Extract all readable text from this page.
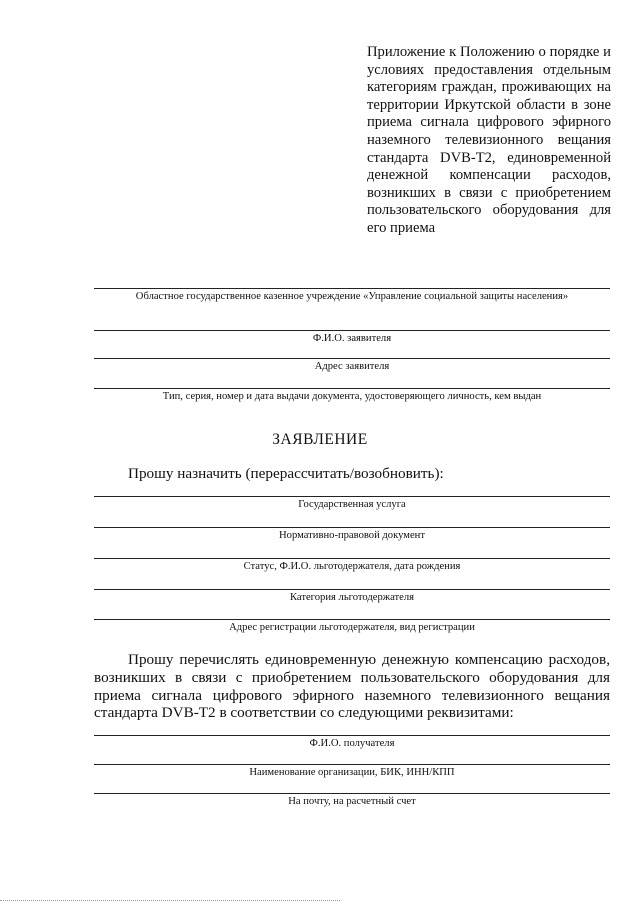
Приложение к Положению о порядке и условиях предоставления отдельным категориям граждан, проживающих на территории Иркутской области в зоне приема сигнала цифрового эфирного наземного телевизионного вещания стандарта DVB-T2, единовременной денежной компенсации расходов, возникших в связи с приобретением пользовательского оборудования для его приема
Областное государственное казенное учреждение «Управление социальной защиты населения»
Ф.И.О. заявителя
Адрес заявителя
Тип, серия, номер и дата выдачи документа, удостоверяющего личность, кем выдан
ЗАЯВЛЕНИЕ
Прошу назначить (перерассчитать/возобновить):
Государственная услуга
Нормативно-правовой документ
Статус, Ф.И.О. льготодержателя, дата рождения
Категория льготодержателя
Адрес регистрации льготодержателя, вид регистрации
Прошу перечислять единовременную денежную компенсацию расходов, возникших в связи с приобретением пользовательского оборудования для приема сигнала цифрового эфирного наземного телевизионного вещания стандарта DVB-T2 в соответствии со следующими реквизитами:
Ф.И.О. получателя
Наименование организации, БИК, ИНН/КПП
На почту, на расчетный счет
